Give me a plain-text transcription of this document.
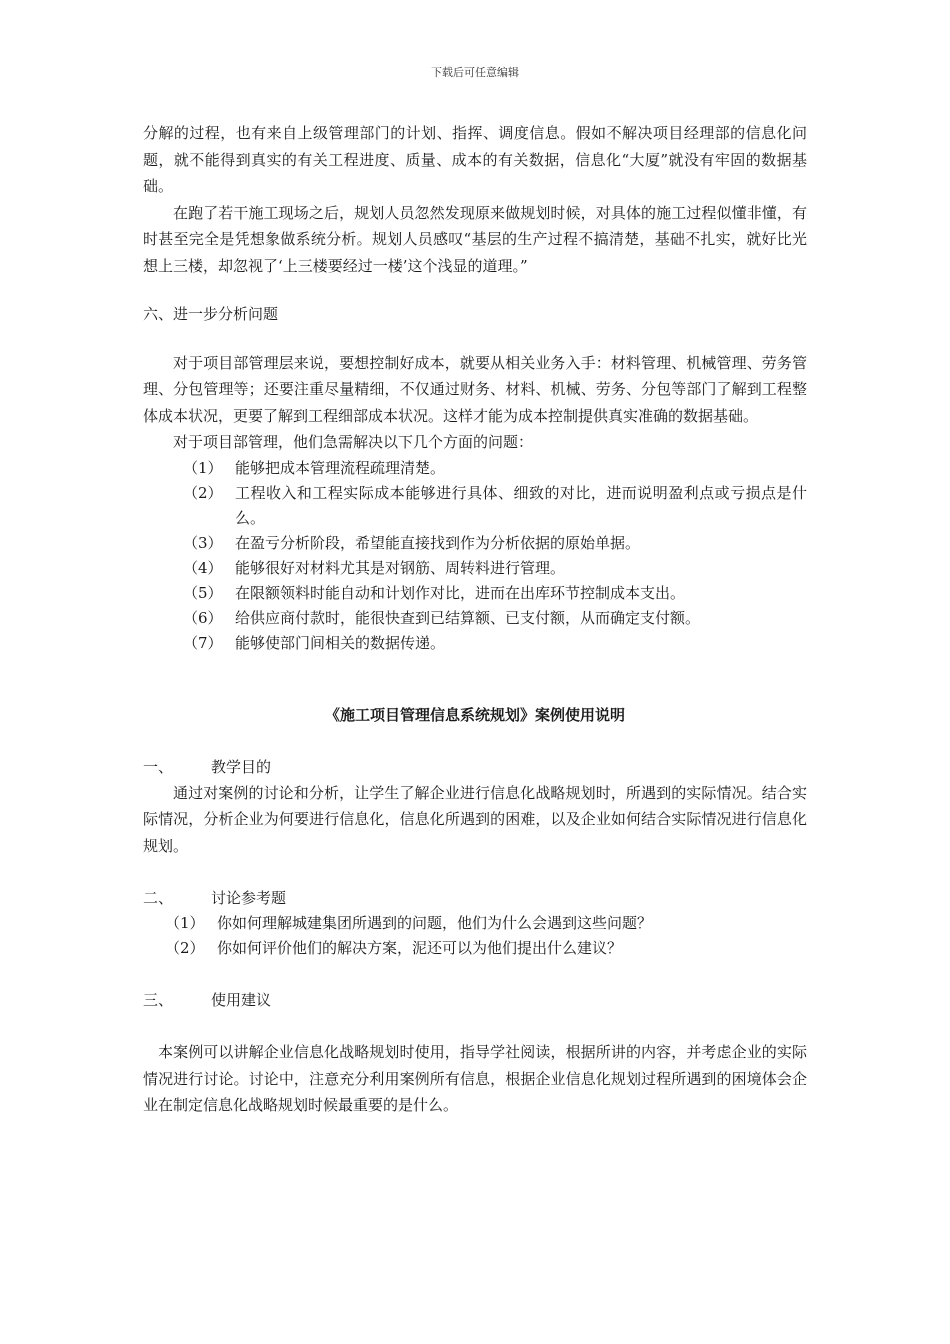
下载后可任意编辑

分解的过程，也有来自上级管理部门的计划、指挥、调度信息。假如不解决项目经理部的信息化问题，就不能得到真实的有关工程进度、质量、成本的有关数据，信息化“大厦”就没有牢固的数据基础。

在跑了若干施工现场之后，规划人员忽然发现原来做规划时候，对具体的施工过程似懂非懂，有时甚至完全是凭想象做系统分析。规划人员感叹“基层的生产过程不搞清楚，基础不扎实，就好比光想上三楼，却忽视了‘上三楼要经过一楼’这个浅显的道理。”

六、进一步分析问题

对于项目部管理层来说，要想控制好成本，就要从相关业务入手：材料管理、机械管理、劳务管理、分包管理等；还要注重尽量精细，不仅通过财务、材料、机械、劳务、分包等部门了解到工程整体成本状况，更要了解到工程细部成本状况。这样才能为成本控制提供真实准确的数据基础。

对于项目部管理，他们急需解决以下几个方面的问题：

（1） 能够把成本管理流程疏理清楚。
（2） 工程收入和工程实际成本能够进行具体、细致的对比，进而说明盈利点或亏损点是什么。
（3） 在盈亏分析阶段，希望能直接找到作为分析依据的原始单据。
（4） 能够很好对材料尤其是对钢筋、周转料进行管理。
（5） 在限额领料时能自动和计划作对比，进而在出库环节控制成本支出。
（6） 给供应商付款时，能很快查到已结算额、已支付额，从而确定支付额。
（7） 能够使部门间相关的数据传递。

《施工项目管理信息系统规划》案例使用说明

一、	教学目的

通过对案例的讨论和分析，让学生了解企业进行信息化战略规划时，所遇到的实际情况。结合实际情况，分析企业为何要进行信息化，信息化所遇到的困难，以及企业如何结合实际情况进行信息化规划。

二、	讨论参考题

（1） 你如何理解城建集团所遇到的问题，他们为什么会遇到这些问题？
（2） 你如何评价他们的解决方案，泥还可以为他们提出什么建议？

三、	使用建议

本案例可以讲解企业信息化战略规划时使用，指导学社阅读，根据所讲的内容，并考虑企业的实际情况进行讨论。讨论中，注意充分利用案例所有信息，根据企业信息化规划过程所遇到的困境体会企业在制定信息化战略规划时候最重要的是什么。
